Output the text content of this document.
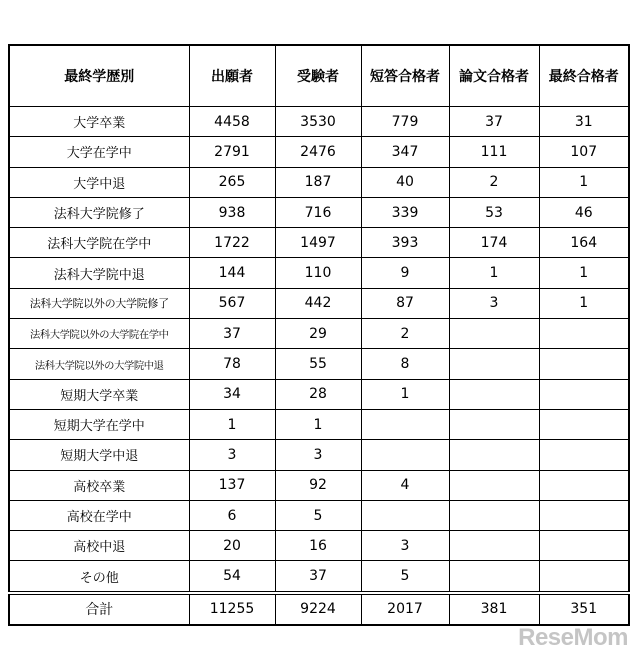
最終学歴別	出願者	受験者	短答合格者	論文合格者	最終合格者
大学卒業	4458	3530	779	37	31
大学在学中	2791	2476	347	111	107
大学中退	265	187	40	2	1
法科大学院修了	938	716	339	53	46
法科大学院在学中	1722	1497	393	174	164
法科大学院中退	144	110	9	1	1
法科大学院以外の大学院修了	567	442	87	3	1
法科大学院以外の大学院在学中	37	29	2		
法科大学院以外の大学院中退	78	55	8		
短期大学卒業	34	28	1		
短期大学在学中	1	1			
短期大学中退	3	3			
高校卒業	137	92	4		
高校在学中	6	5			
高校中退	20	16	3		
その他	54	37	5		
合計	11255	9224	2017	381	351
ReseMom
